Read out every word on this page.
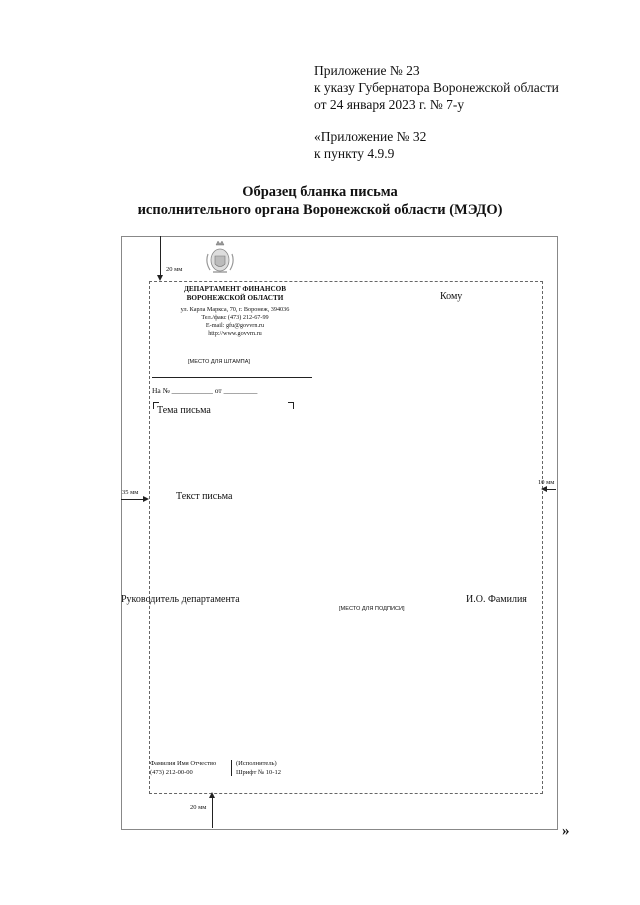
Приложение № 23
к указу Губернатора Воронежской области
от 24 января 2023 г. № 7-у
«Приложение № 32
к пункту 4.9.9
Образец бланка письма
исполнительного органа Воронежской области (МЭДО)
20 мм
ДЕПАРТАМЕНТ ФИНАНСОВ
ВОРОНЕЖСКОЙ ОБЛАСТИ
ул. Карла Маркса, 70, г. Воронеж, 394036
Тел./факс (473) 212-67-99
E-mail: gfu@govvrn.ru
http://www.govvrn.ru
[МЕСТО ДЛЯ ШТАМПА]
На № ___________ от _________
Тема письма
Кому
35 мм
10 мм
Текст письма
Руководитель департамента
[МЕСТО ДЛЯ ПОДПИСИ]
И.О. Фамилия
Фамилия Имя Отчество
(473) 212-00-00
(Исполнитель)
Шрифт № 10-12
20 мм
»
